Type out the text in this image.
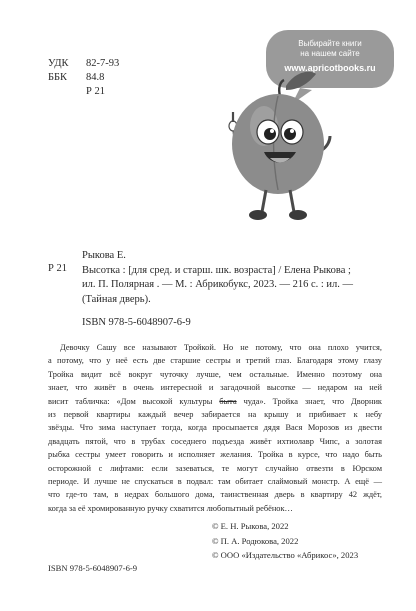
УДК 82-7-93
ББК 84.8
Р 21
Выбирайте книги
на нашем сайте
www.apricotbooks.ru
Р 21
Рыкова Е.
Высотка : [для сред. и старш. шк. возраста] / Елена Рыкова ;
ил. П. Полярная . — М. : Абрикобукс, 2023. — 216 с. : ил. —
(Тайная дверь).
ISBN 978-5-6048907-6-9
Девочку Сашу все называют Тройкой. Но не потому, что она плохо учится,
а потому, что у неё есть две старшие сестры и третий глаз. Благодаря этому глазу
Тройка видит всё вокруг чуточку лучше, чем остальные. Именно поэтому она
знает, что живёт в очень интересной и загадочной высотке — недаром на ней
висит табличка: «Дом высокой культуры быта чуда». Тройка знает, что Дворник
из первой квартиры каждый вечер забирается на крышу и прибивает к небу
звёзды. Что зима наступает тогда, когда просыпается дядя Вася Морозов из двести
двадцать пятой, что в трубах соседнего подъезда живёт ихтиолавр Чипс, а золотая
рыбка сестры умеет говорить и исполняет желания. Тройка в курсе, что надо быть
осторожной с лифтами: если зазеваться, те могут случайно отвезти в Юрском
периоде. И лучше не спускаться в подвал: там обитает слаймовый монстр. А ещё —
что где-то там, в недрах большого дома, таинственная дверь в квартиру 42 ждёт,
когда за её хромированную ручку схватится любопытный ребёнок…
© Е. Н. Рыкова, 2022
© П. А. Родюкова, 2022
© ООО «Издательство «Абрикос», 2023
ISBN 978-5-6048907-6-9
